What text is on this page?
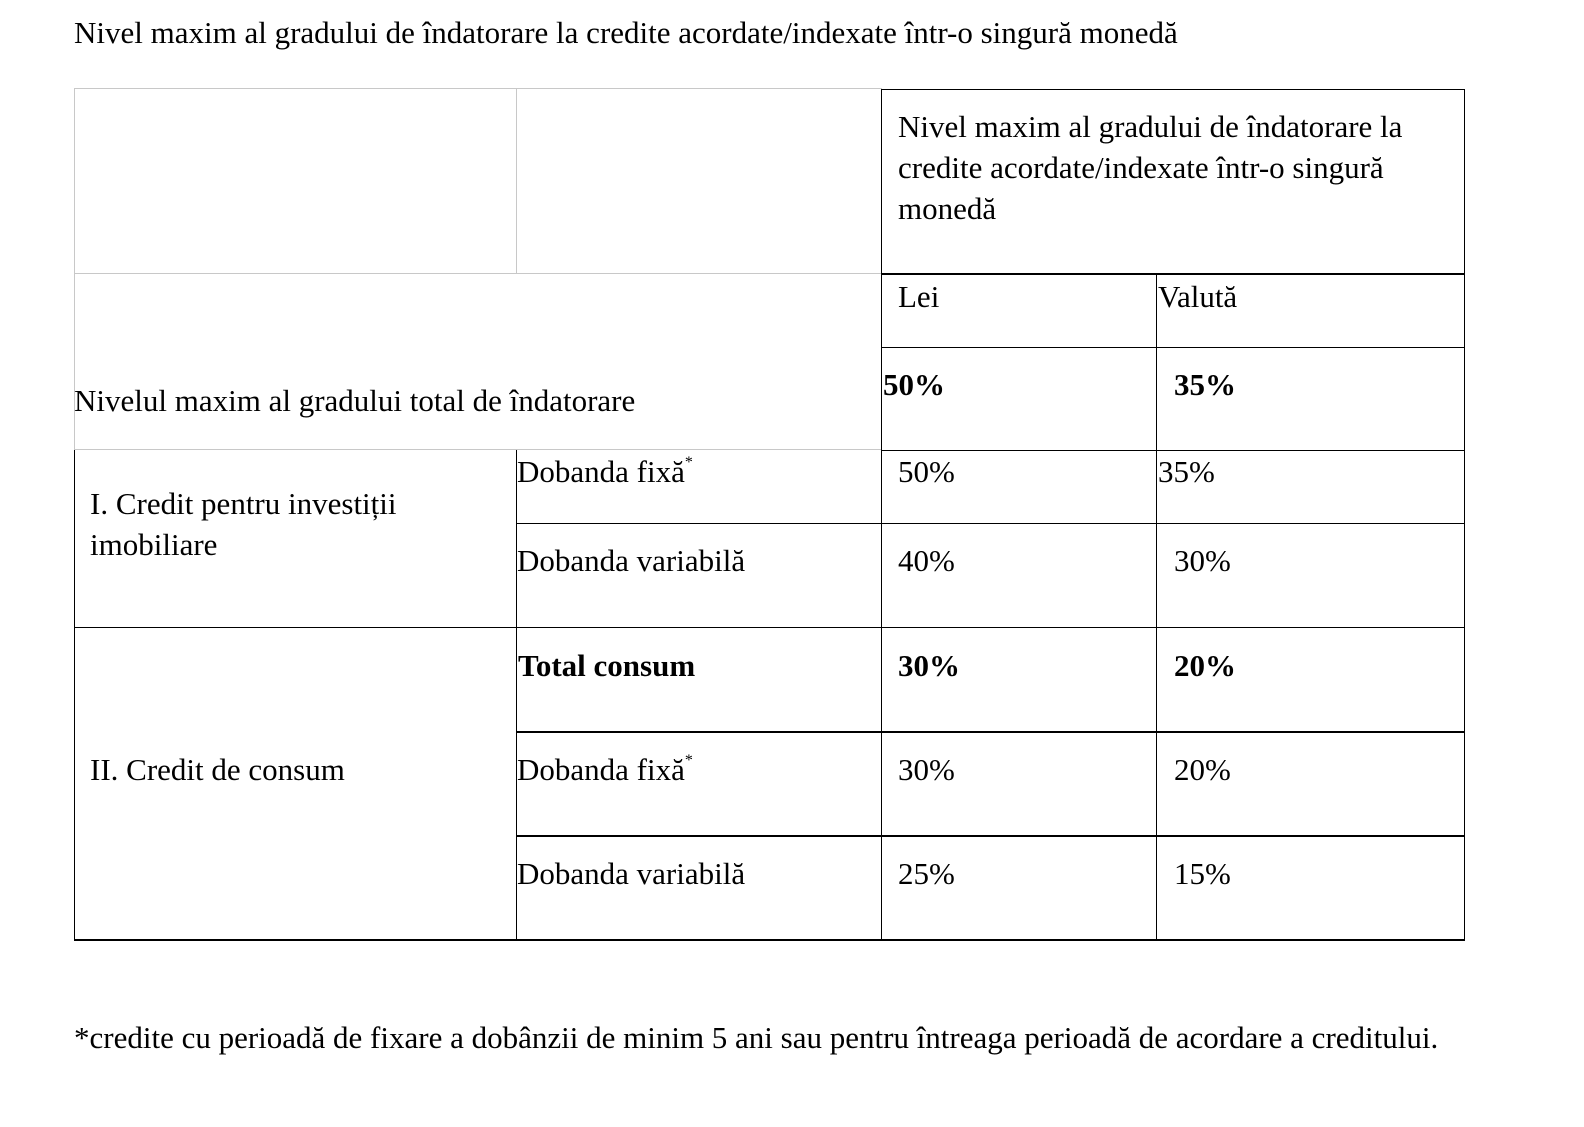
Nivel maxim al gradului de îndatorare la credite acordate/indexate într-o singură monedă
Nivel maxim al gradului de îndatorare la credite acordate/indexate într-o singură monedă
Lei	Valută
Nivelul maxim al gradului total de îndatorare	50%	35%
I. Credit pentru investiții imobiliare
Dobanda fixă*	50%	35%
Dobanda variabilă	40%	30%
II. Credit de consum
Total consum	30%	20%
Dobanda fixă*	30%	20%
Dobanda variabilă	25%	15%

*credite cu perioadă de fixare a dobânzii de minim 5 ani sau pentru întreaga perioadă de acordare a creditului.
